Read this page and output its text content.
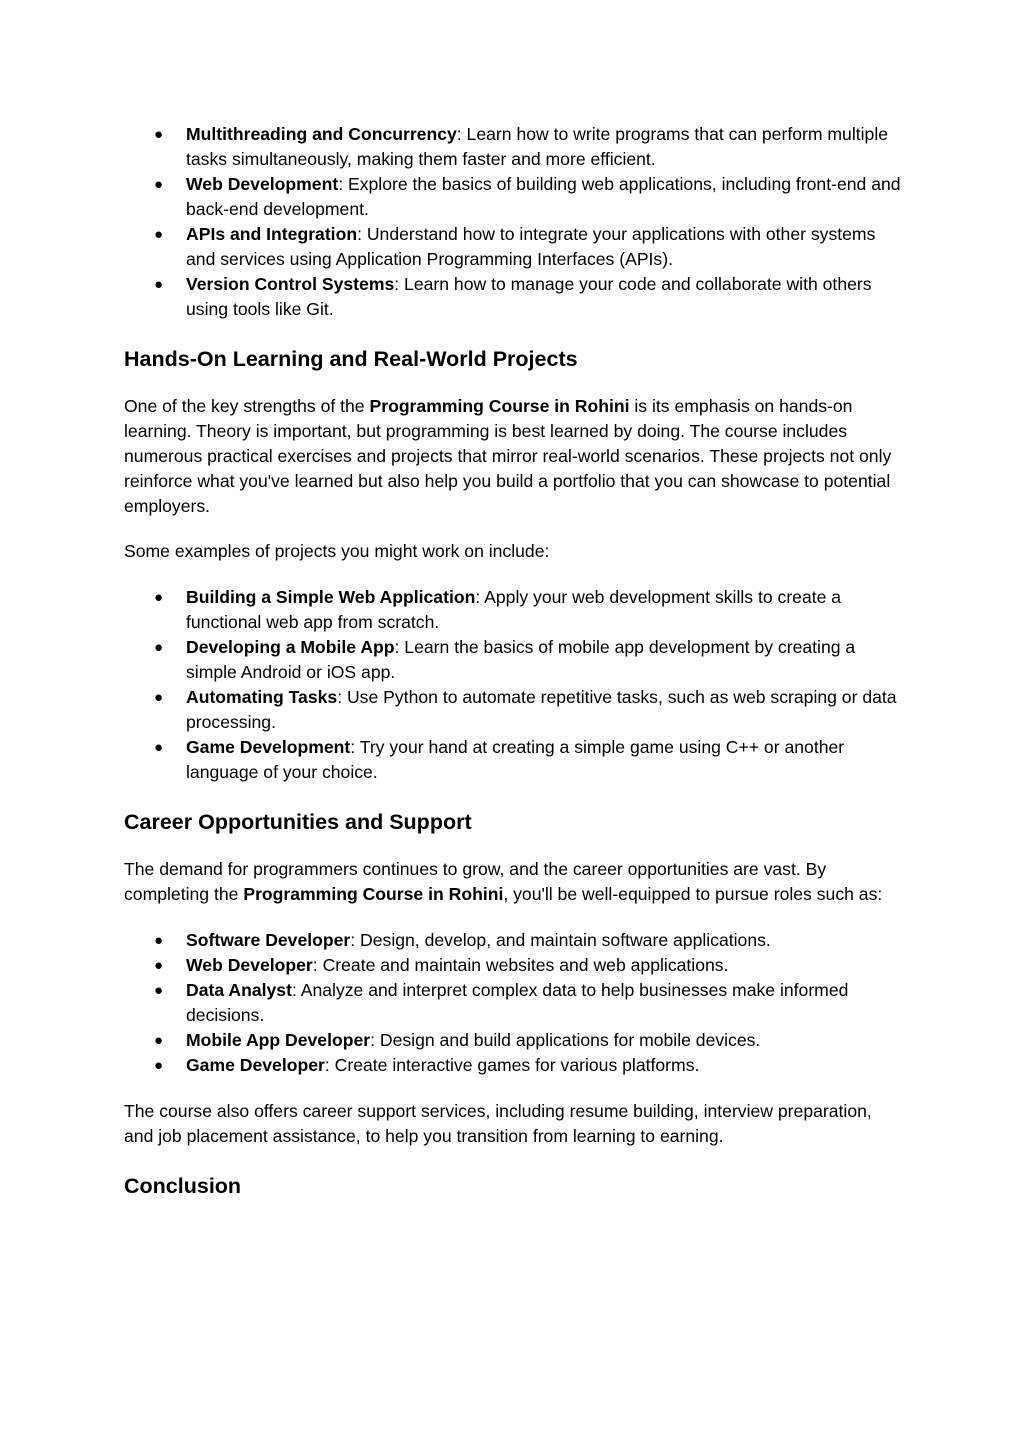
● Multithreading and Concurrency: Learn how to write programs that can perform multiple tasks simultaneously, making them faster and more efficient.
● Web Development: Explore the basics of building web applications, including front-end and back-end development.
● APIs and Integration: Understand how to integrate your applications with other systems and services using Application Programming Interfaces (APIs).
● Version Control Systems: Learn how to manage your code and collaborate with others using tools like Git.
Hands-On Learning and Real-World Projects

One of the key strengths of the Programming Course in Rohini is its emphasis on hands-on learning. Theory is important, but programming is best learned by doing. The course includes numerous practical exercises and projects that mirror real-world scenarios. These projects not only reinforce what you've learned but also help you build a portfolio that you can showcase to potential employers.

Some examples of projects you might work on include:

● Building a Simple Web Application: Apply your web development skills to create a functional web app from scratch.
● Developing a Mobile App: Learn the basics of mobile app development by creating a simple Android or iOS app.
● Automating Tasks: Use Python to automate repetitive tasks, such as web scraping or data processing.
● Game Development: Try your hand at creating a simple game using C++ or another language of your choice.
Career Opportunities and Support

The demand for programmers continues to grow, and the career opportunities are vast. By completing the Programming Course in Rohini, you'll be well-equipped to pursue roles such as:

● Software Developer: Design, develop, and maintain software applications.
● Web Developer: Create and maintain websites and web applications.
● Data Analyst: Analyze and interpret complex data to help businesses make informed decisions.
● Mobile App Developer: Design and build applications for mobile devices.
● Game Developer: Create interactive games for various platforms.

The course also offers career support services, including resume building, interview preparation, and job placement assistance, to help you transition from learning to earning.

Conclusion
